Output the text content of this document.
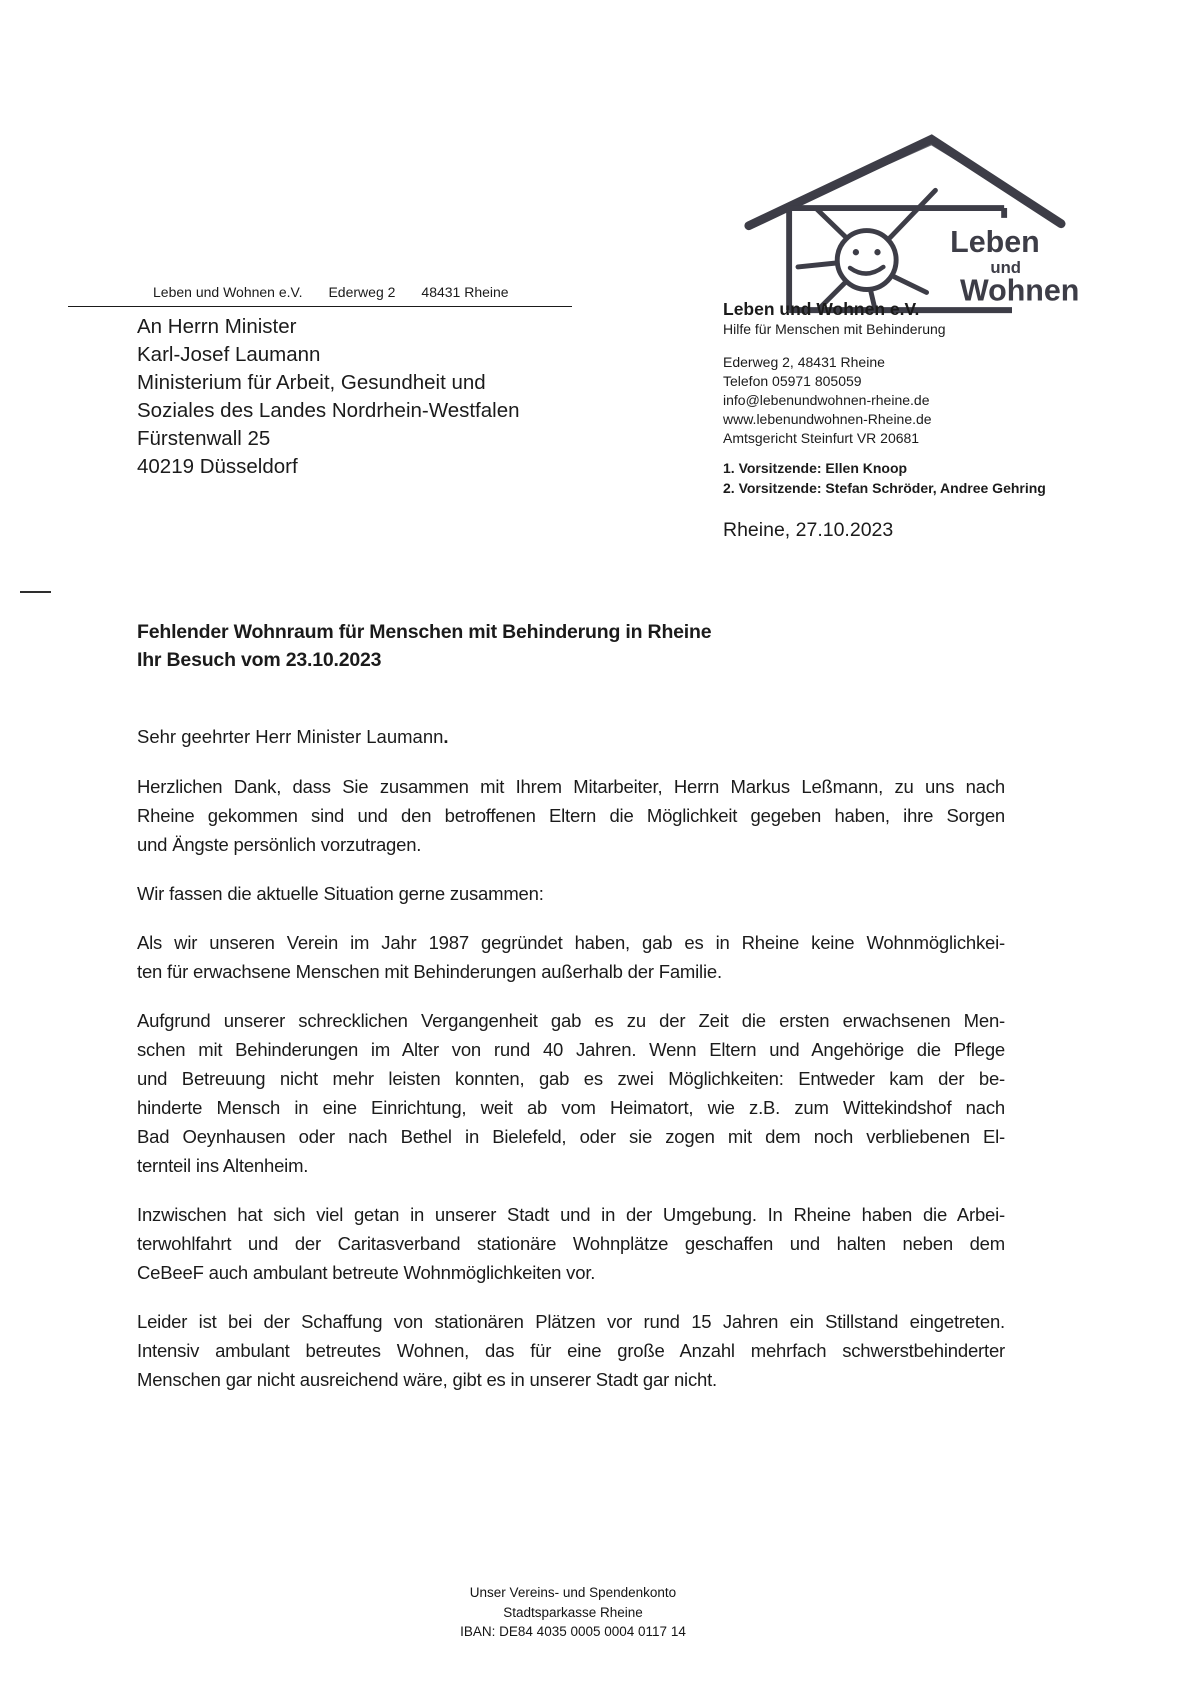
Leben
und
Wohnen
Leben und Wohnen e.V. Ederweg 2 48431 Rheine
An Herrn Minister
Karl-Josef Laumann
Ministerium für Arbeit, Gesundheit und
Soziales des Landes Nordrhein-Westfalen
Fürstenwall 25
40219 Düsseldorf
Leben und Wohnen e.V.
Hilfe für Menschen mit Behinderung
Ederweg 2, 48431 Rheine
Telefon 05971 805059
info@lebenundwohnen-rheine.de
www.lebenundwohnen-Rheine.de
Amtsgericht Steinfurt VR 20681
1. Vorsitzende: Ellen Knoop
2. Vorsitzende: Stefan Schröder, Andree Gehring
Rheine, 27.10.2023
Fehlender Wohnraum für Menschen mit Behinderung in Rheine
Ihr Besuch vom 23.10.2023
Sehr geehrter Herr Minister Laumann.
Herzlichen Dank, dass Sie zusammen mit Ihrem Mitarbeiter, Herrn Markus Leßmann, zu uns nach
Rheine gekommen sind und den betroffenen Eltern die Möglichkeit gegeben haben, ihre Sorgen
und Ängste persönlich vorzutragen.
Wir fassen die aktuelle Situation gerne zusammen:
Als wir unseren Verein im Jahr 1987 gegründet haben, gab es in Rheine keine Wohnmöglichkei-
ten für erwachsene Menschen mit Behinderungen außerhalb der Familie.
Aufgrund unserer schrecklichen Vergangenheit gab es zu der Zeit die ersten erwachsenen Men-
schen mit Behinderungen im Alter von rund 40 Jahren. Wenn Eltern und Angehörige die Pflege
und Betreuung nicht mehr leisten konnten, gab es zwei Möglichkeiten: Entweder kam der be-
hinderte Mensch in eine Einrichtung, weit ab vom Heimatort, wie z.B. zum Wittekindshof nach
Bad Oeynhausen oder nach Bethel in Bielefeld, oder sie zogen mit dem noch verbliebenen El-
ternteil ins Altenheim.
Inzwischen hat sich viel getan in unserer Stadt und in der Umgebung. In Rheine haben die Arbei-
terwohlfahrt und der Caritasverband stationäre Wohnplätze geschaffen und halten neben dem
CeBeeF auch ambulant betreute Wohnmöglichkeiten vor.
Leider ist bei der Schaffung von stationären Plätzen vor rund 15 Jahren ein Stillstand eingetreten.
Intensiv ambulant betreutes Wohnen, das für eine große Anzahl mehrfach schwerstbehinderter
Menschen gar nicht ausreichend wäre, gibt es in unserer Stadt gar nicht.
Unser Vereins- und Spendenkonto
Stadtsparkasse Rheine
IBAN: DE84 4035 0005 0004 0117 14
